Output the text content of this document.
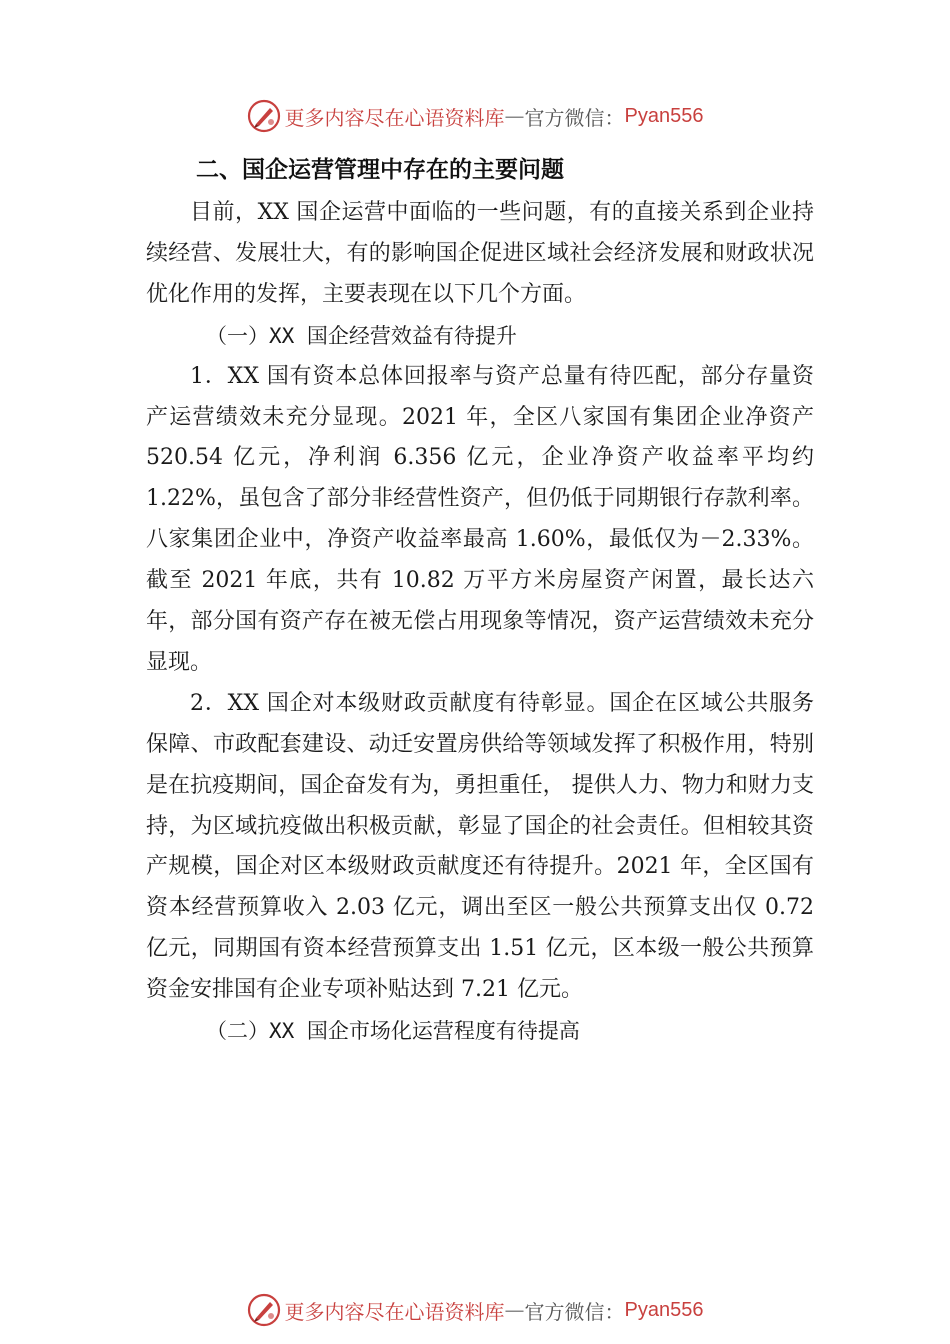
更多内容尽在心语资料库 — 官方微信： Pyan556
二、国企运营管理中存在的主要问题

目前，XX 国企运营中面临的一些问题，有的直接关系到企业持续经营、发展壮大，有的影响国企促进区域社会经济发展和财政状况优化作用的发挥，主要表现在以下几个方面。

（一）XX 国企经营效益有待提升

1．XX 国有资本总体回报率与资产总量有待匹配，部分存量资产运营绩效未充分显现。2021 年，全区八家国有集团企业净资产 520.54 亿元，净利润 6.356 亿元，企业净资产收益率平均约 1.22%，虽包含了部分非经营性资产，但仍低于同期银行存款利率。八家集团企业中，净资产收益率最高 1.60%，最低仅为－2.33%。截至 2021 年底，共有 10.82 万平方米房屋资产闲置，最长达六年，部分国有资产存在被无偿占用现象等情况，资产运营绩效未充分显现。

2．XX 国企对本级财政贡献度有待彰显。国企在区域公共服务保障、市政配套建设、动迁安置房供给等领域发挥了积极作用，特别是在抗疫期间，国企奋发有为，勇担重任， 提供人力、物力和财力支持，为区域抗疫做出积极贡献，彰显了国企的社会责任。但相较其资产规模，国企对区本级财政贡献度还有待提升。2021 年，全区国有资本经营预算收入 2.03 亿元，调出至区一般公共预算支出仅 0.72 亿元，同期国有资本经营预算支出 1.51 亿元，区本级一般公共预算资金安排国有企业专项补贴达到 7.21 亿元。

（二）XX 国企市场化运营程度有待提高
更多内容尽在心语资料库 — 官方微信： Pyan556
